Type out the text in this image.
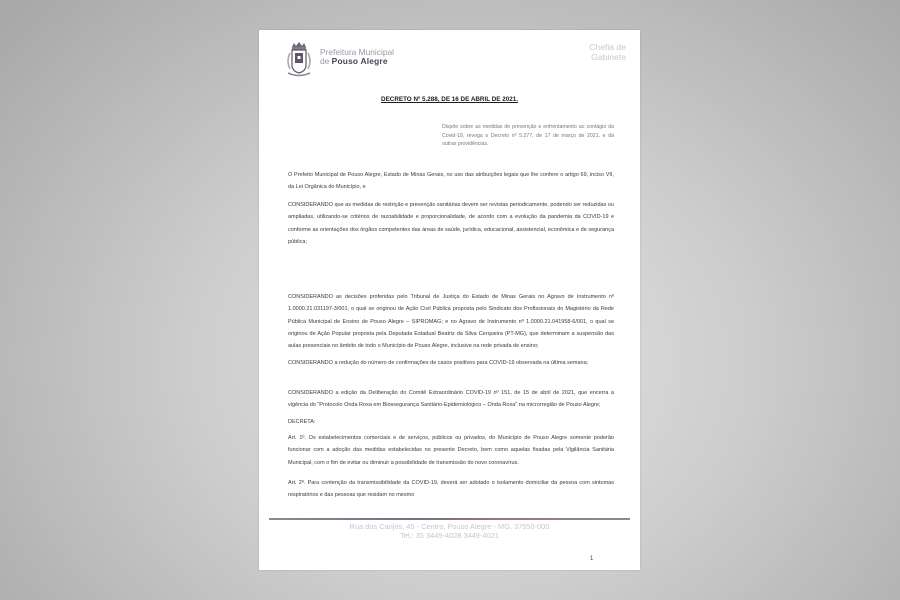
Prefeitura Municipal
de Pouso Alegre
Chefia de
Gabinete
DECRETO Nº 5.288, DE 16 DE ABRIL DE 2021.
Dispõe sobre as medidas de prevenção e enfrentamento ao contágio da Covid-19, revoga o Decreto nº 5.277, de 17 de março de 2021, e dá outras providências.

O Prefeito Municipal de Pouso Alegre, Estado de Minas Gerais, no uso das atribuições legais que lhe confere o artigo 69, inciso VII, da Lei Orgânica do Município, e

CONSIDERANDO que as medidas de restrição e prevenção sanitárias devem ser revistas periodicamente, podendo ser reduzidas ou ampliadas, utilizando-se critérios de razoabilidade e proporcionalidade, de acordo com a evolução da pandemia da COVID-19 e conforme as orientações dos órgãos competentes das áreas de saúde, jurídica, educacional, assistencial, econômica e de segurança pública;

CONSIDERANDO as decisões proferidas pelo Tribunal de Justiça do Estado de Minas Gerais no Agravo de Instrumento nº 1.0000.21.031197-3/001, o qual se originou de Ação Civil Pública proposta pelo Sindicato dos Profissionais do Magistério da Rede Pública Municipal de Ensino de Pouso Alegre – SIPROMAG; e no Agravo de Instrumento nº 1.0000.21.041958-6/001, o qual se originou de Ação Popular proposta pela Deputada Estadual Beatriz da Silva Cerqueira (PT-MG), que determinam a suspensão das aulas presenciais no âmbito de todo o Município de Pouso Alegre, inclusive na rede privada de ensino;

CONSIDERANDO a redução do número de confirmações de casos positivos para COVID-19 observada na última semana;

CONSIDERANDO a edição da Deliberação do Comitê Extraordinário COVID-19 nº 151, de 15 de abril de 2021, que encerra a vigência do "Protocolo Onda Roxa em Biossegurança Sanitário-Epidemiológico – Onda Roxa" na microrregião de Pouso Alegre;

DECRETA:

Art. 1º. Os estabelecimentos comerciais e de serviços, públicos ou privados, do Município de Pouso Alegre somente poderão funcionar com a adoção das medidas estabelecidas no presente Decreto, bem como aquelas fixadas pela Vigilância Sanitária Municipal, com o fim de evitar ou diminuir a possibilidade de transmissão do novo coronavírus.

Art. 2º. Para contenção da transmissibilidade da COVID-19, deverá ser adotado o isolamento domiciliar da pessoa com sintomas respiratórios e das pessoas que residam no mesmo

Rua dos Carijós, 45 - Centro, Pouso Alegre - MG, 37550-000
Tel.: 35 3449-4028 3449-4021
1
